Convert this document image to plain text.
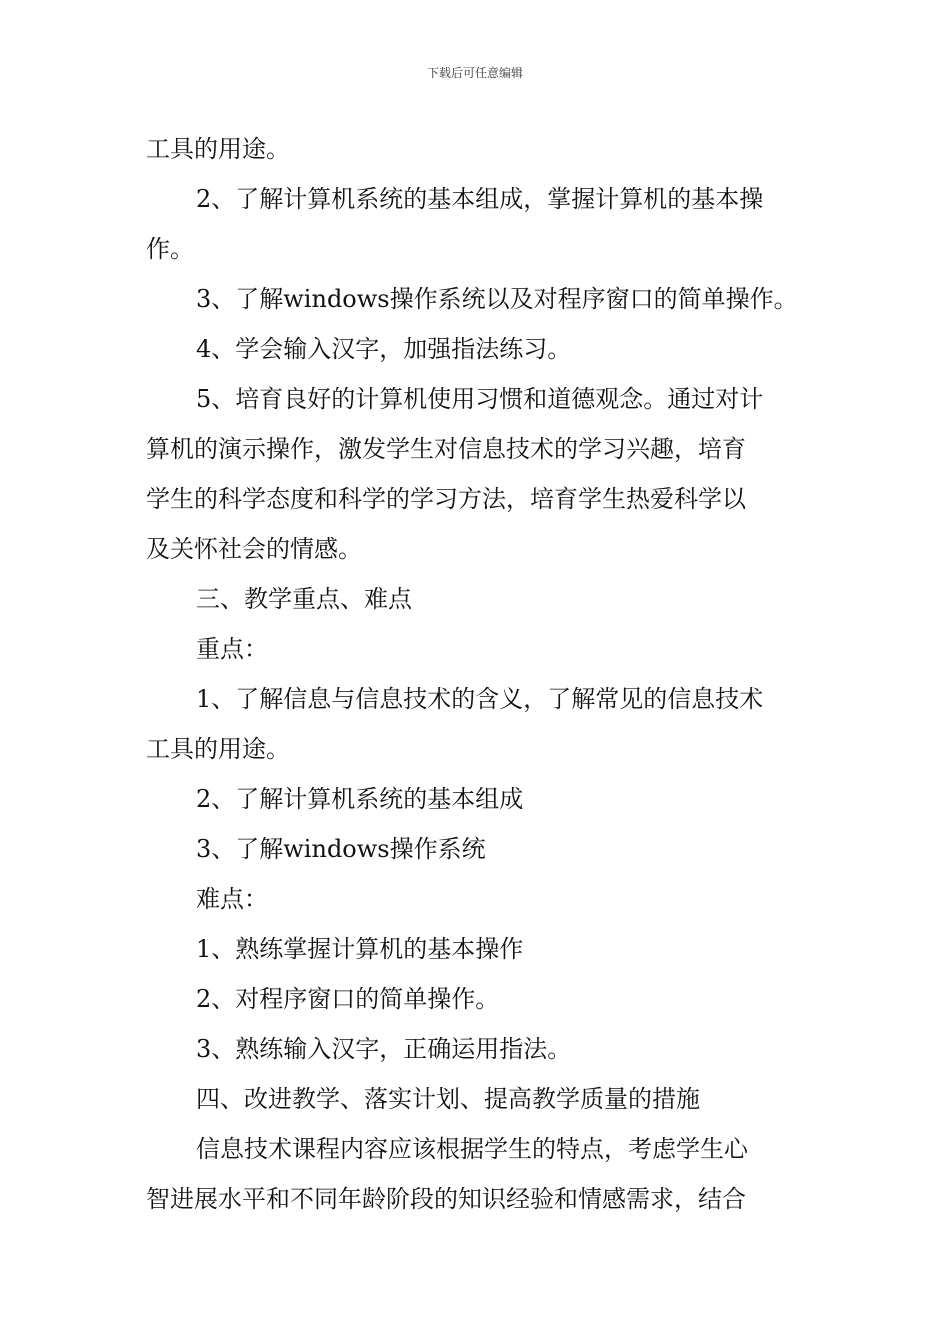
下载后可任意编辑
工具的用途。
2、了解计算机系统的基本组成，掌握计算机的基本操
作。
3、了解windows操作系统以及对程序窗口的简单操作。
4、学会输入汉字，加强指法练习。
5、培育良好的计算机使用习惯和道德观念。通过对计
算机的演示操作，激发学生对信息技术的学习兴趣，培育
学生的科学态度和科学的学习方法，培育学生热爱科学以
及关怀社会的情感。
三、教学重点、难点
重点：
1、了解信息与信息技术的含义，了解常见的信息技术
工具的用途。
2、了解计算机系统的基本组成
3、了解windows操作系统
难点：
1、熟练掌握计算机的基本操作
2、对程序窗口的简单操作。
3、熟练输入汉字，正确运用指法。
四、改进教学、落实计划、提高教学质量的措施
信息技术课程内容应该根据学生的特点，考虑学生心
智进展水平和不同年龄阶段的知识经验和情感需求，结合
